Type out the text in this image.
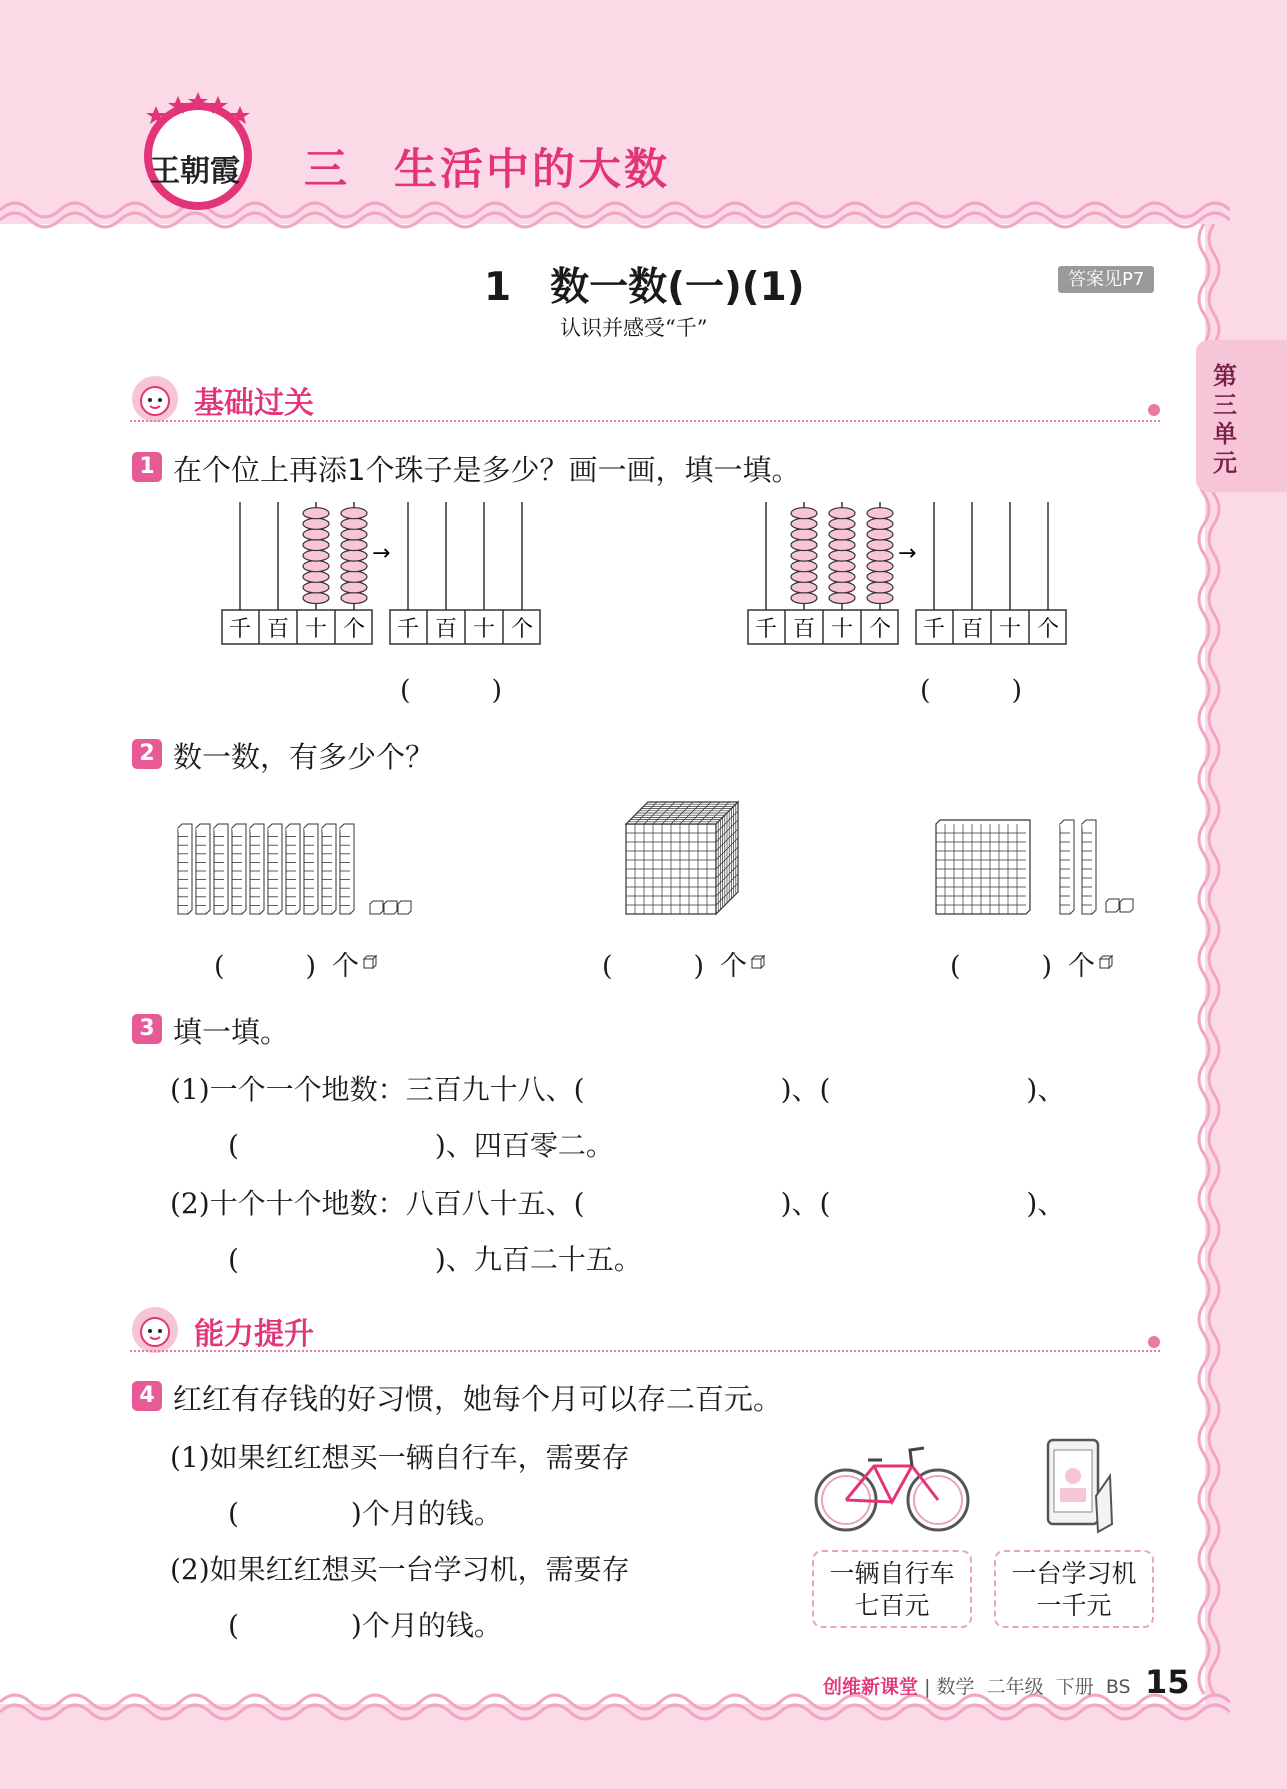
王朝霞 三 生活中的大数
第三单元
1　数一数(一)(1)
认识并感受“千”
答案见P7
基础过关
1 在个位上再添1个珠子是多少？画一画，填一填。
→
千 百 十 个 千 百 十 个
(　　　)
→
千 百 十 个 千 百 十 个
(　　　)
2 数一数，有多少个？
(　　　) 个	(　　　) 个	(　　　) 个
3 填一填。
(1)一个一个地数：三百九十八、(　　　　　　　)、(　　　　　　　)、
(　　　　　　　)、四百零二。
(2)十个十个地数：八百八十五、(　　　　　　　)、(　　　　　　　)、
(　　　　　　　)、九百二十五。
能力提升
4 红红有存钱的好习惯，她每个月可以存二百元。
(1)如果红红想买一辆自行车，需要存
(　　　　)个月的钱。
(2)如果红红想买一台学习机，需要存
(　　　　)个月的钱。
一辆自行车
七百元
一台学习机
一千元
创维新课堂 | 数学 二年级 下册 BS 15
